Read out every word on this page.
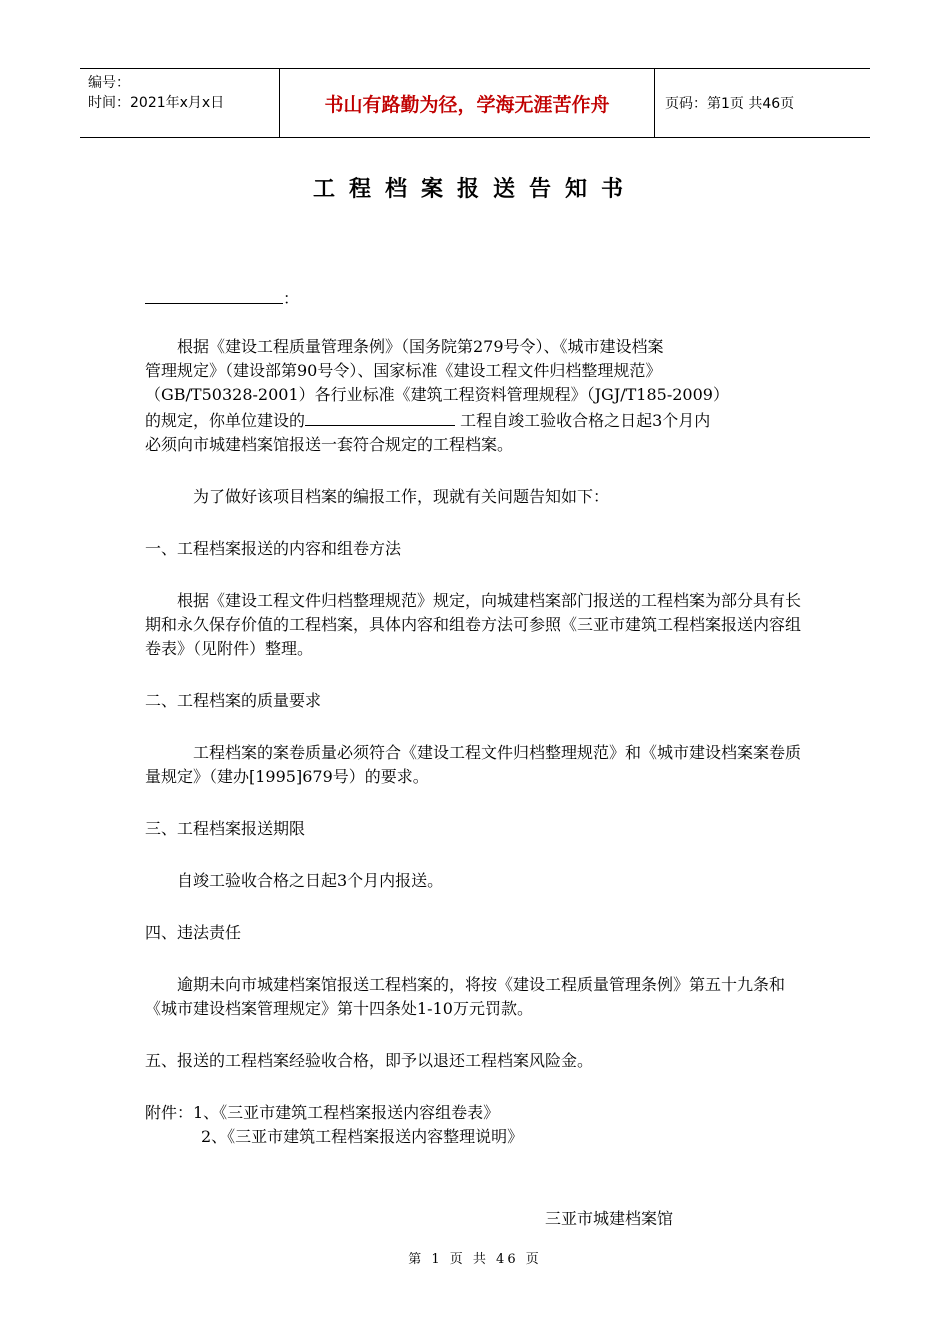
编号：
时间：2021年x月x日	书山有路勤为径，学海无涯苦作舟	页码：第1页 共46页
工程档案报送告知书

：

根据《建设工程质量管理条例》（国务院第279号令）、《城市建设档案
管理规定》（建设部第90号令）、国家标准《建设工程文件归档整理规范》
（GB/T50328-2001）各行业标准《建筑工程资料管理规程》（JGJ/T185-2009）
的规定，你单位建设的	工程自竣工验收合格之日起3个月内
必须向市城建档案馆报送一套符合规定的工程档案。

为了做好该项目档案的编报工作，现就有关问题告知如下：

一、工程档案报送的内容和组卷方法

根据《建设工程文件归档整理规范》规定，向城建档案部门报送的工程档案为部分具有长期和永久保存价值的工程档案，具体内容和组卷方法可参照《三亚市建筑工程档案报送内容组卷表》（见附件）整理。

二、工程档案的质量要求

工程档案的案卷质量必须符合《建设工程文件归档整理规范》和《城市建设档案案卷质量规定》（建办[1995]679号）的要求。

三、工程档案报送期限

自竣工验收合格之日起3个月内报送。

四、违法责任

逾期未向市城建档案馆报送工程档案的，将按《建设工程质量管理条例》第五十九条和《城市建设档案管理规定》第十四条处1-10万元罚款。

五、报送的工程档案经验收合格，即予以退还工程档案风险金。

附件：1、《三亚市建筑工程档案报送内容组卷表》

2、《三亚市建筑工程档案报送内容整理说明》

三亚市城建档案馆
第 1 页 共 46 页
